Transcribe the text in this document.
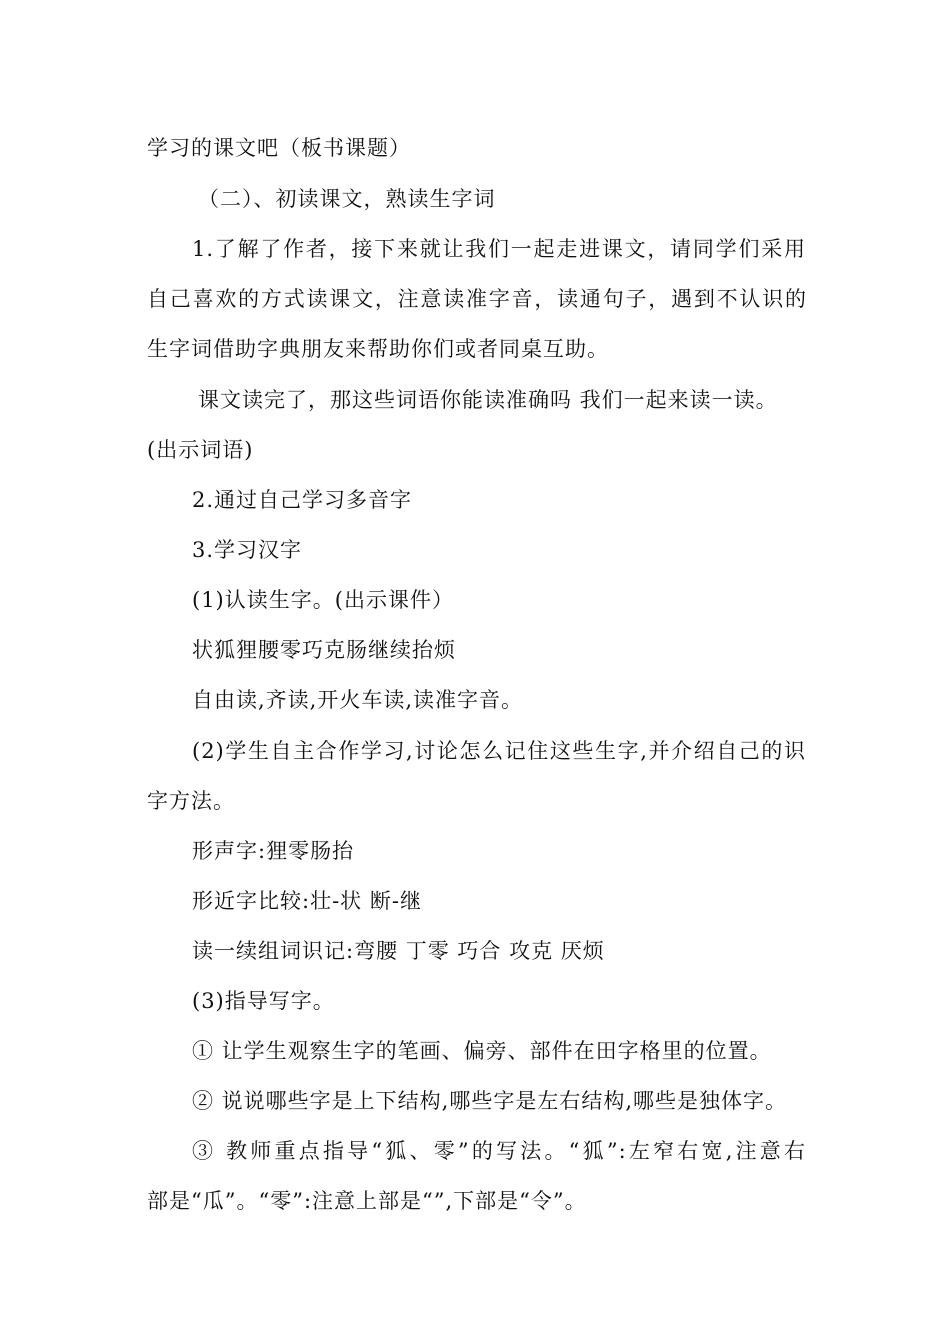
学习的课文吧（板书课题）
（二）、初读课文，熟读生字词
1.了解了作者，接下来就让我们一起走进课文，请同学们采用
自己喜欢的方式读课文，注意读准字音，读通句子，遇到不认识的
生字词借助字典朋友来帮助你们或者同桌互助。
课文读完了，那这些词语你能读准确吗 我们一起来读一读。
(出示词语)
2.通过自己学习多音字
3.学习汉字
(1)认读生字。(出示课件）
状狐狸腰零巧克肠继续抬烦
自由读,齐读,开火车读,读准字音。
(2)学生自主合作学习,讨论怎么记住这些生字,并介绍自己的识
字方法。
形声字:狸零肠抬
形近字比较:壮-状 断-继
读一续组词识记:弯腰 丁零 巧合 攻克 厌烦
(3)指导写字。
① 让学生观察生字的笔画、偏旁、部件在田字格里的位置。
② 说说哪些字是上下结构,哪些字是左右结构,哪些是独体字。
③ 教师重点指导“狐、零”的写法。“狐”:左窄右宽,注意右
部是“瓜”。“零”:注意上部是“”,下部是“令”。
